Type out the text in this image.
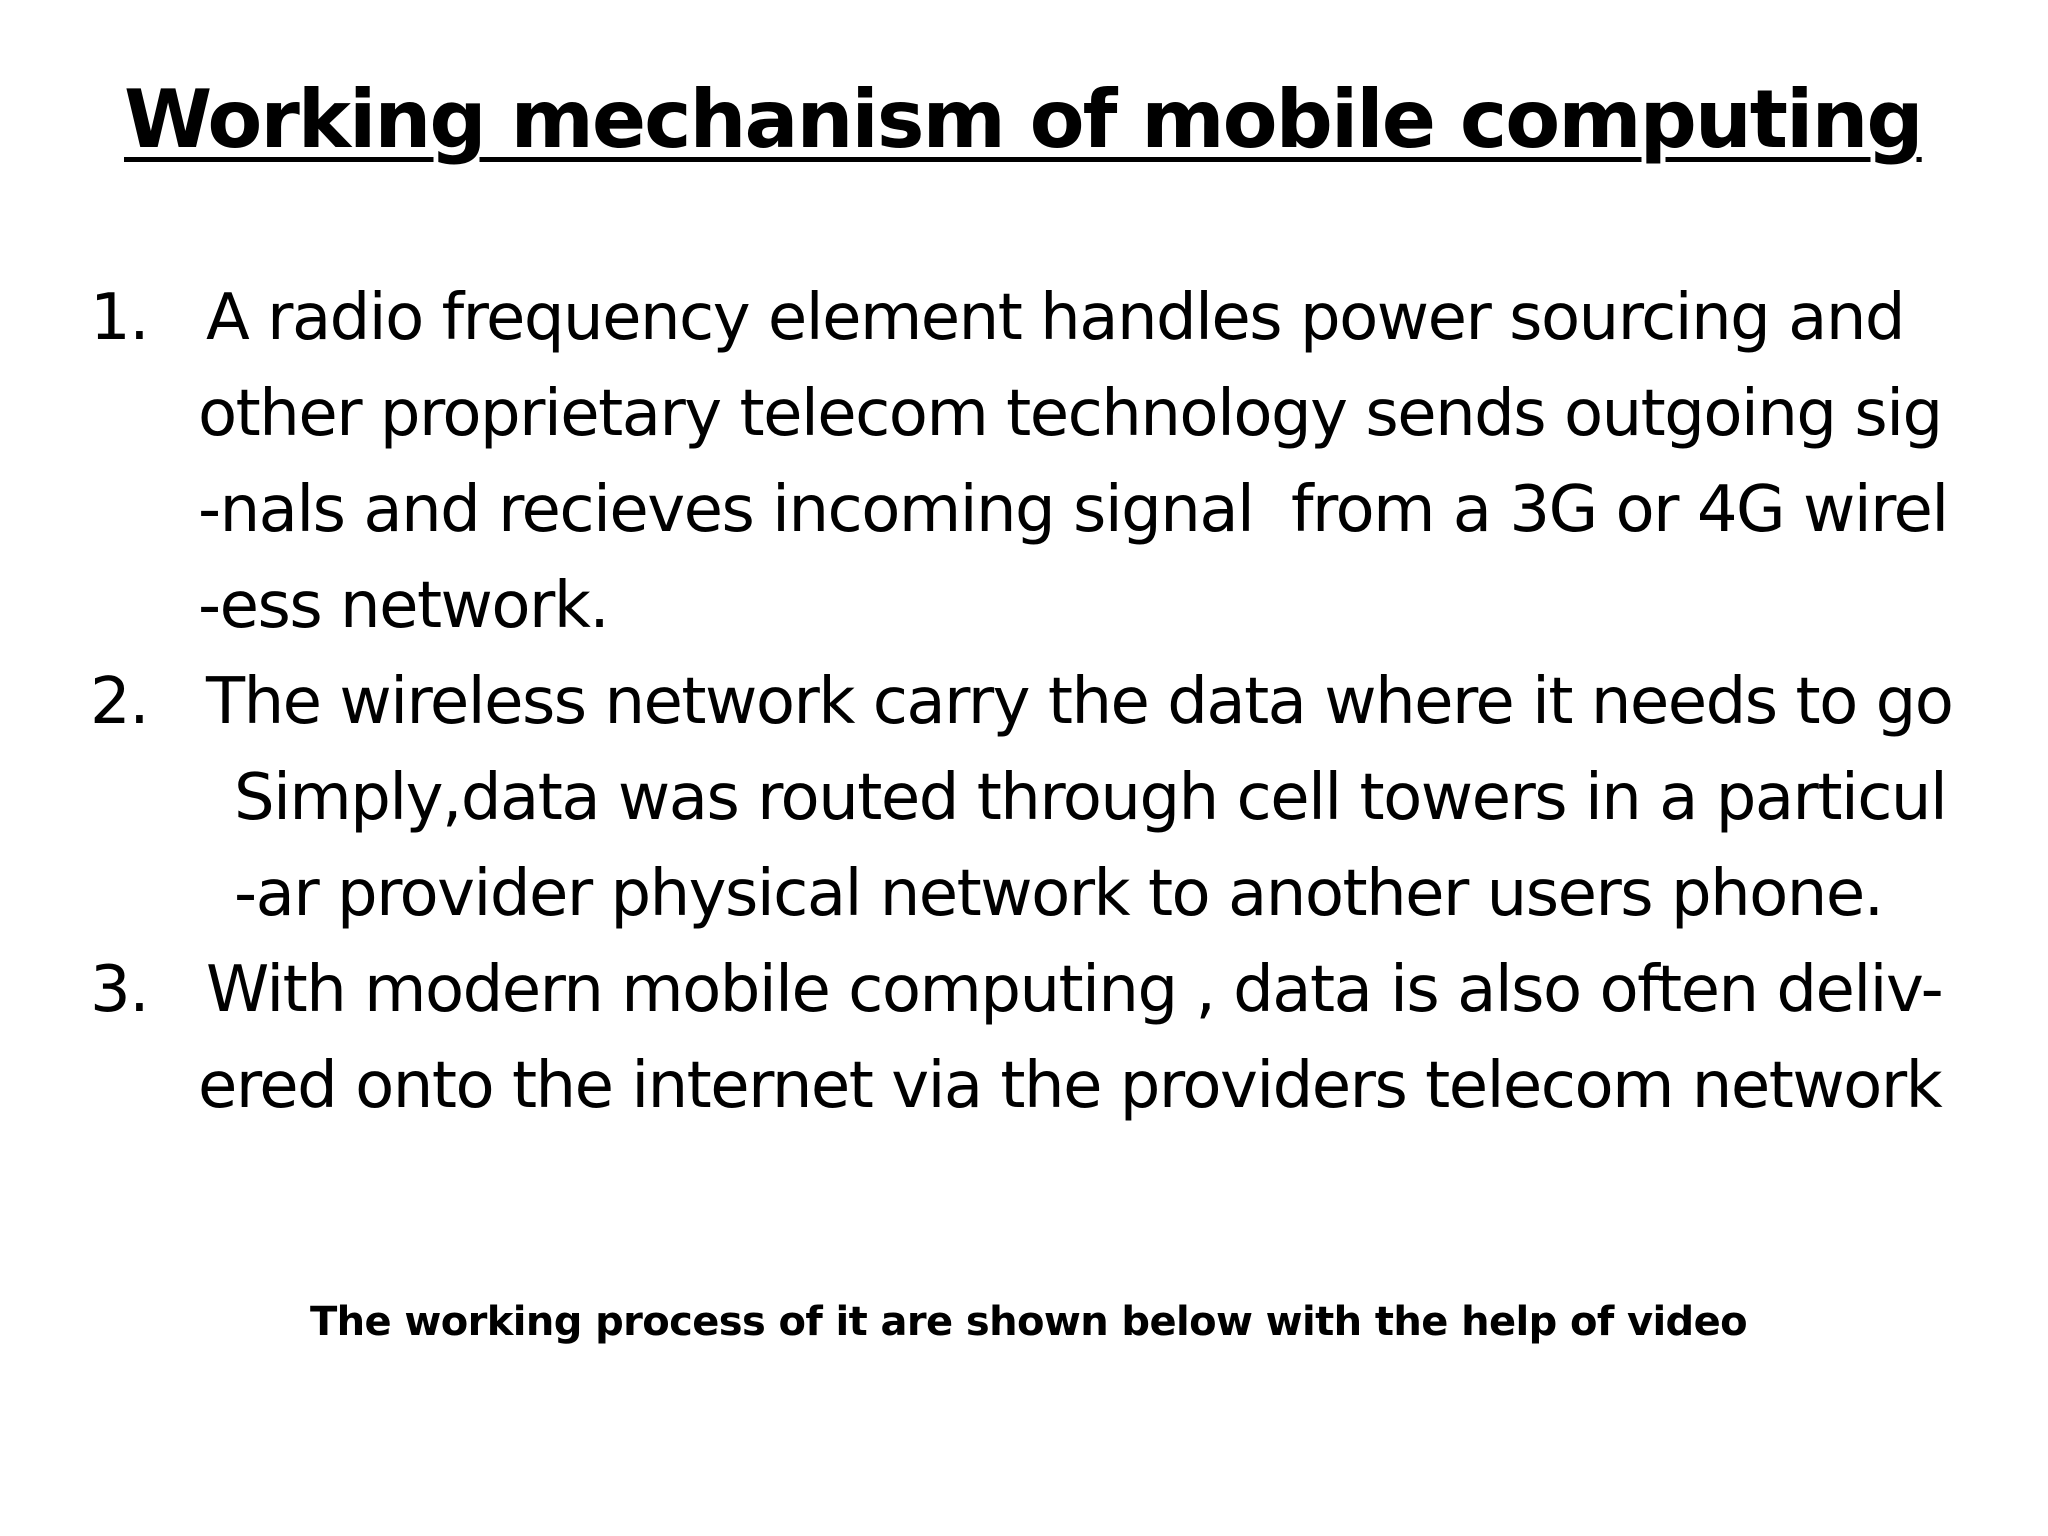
Working mechanism of mobile computing
1. A radio frequency element handles power sourcing and
other proprietary telecom technology sends outgoing sig
-nals and recieves incoming signal  from a 3G or 4G wirel
-ess network.
2. The wireless network carry the data where it needs to go
Simply,data was routed through cell towers in a particul
-ar provider physical network to another users phone.
3. With modern mobile computing , data is also often deliv-
ered onto the internet via the providers telecom network

The working process of it are shown below with the help of video
